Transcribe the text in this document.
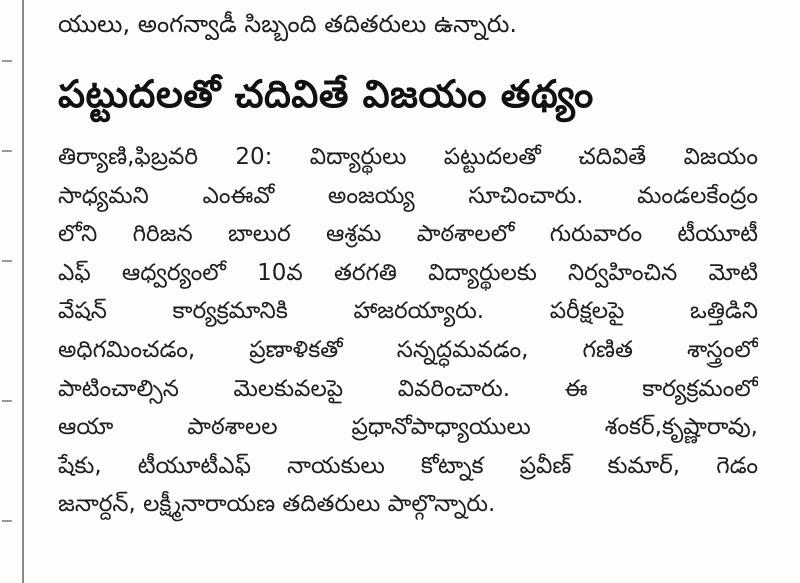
యులు, అంగన్వాడీ సిబ్బంది తదితరులు ఉన్నారు.
పట్టుదలతో చదివితే విజయం తథ్యం
తిర్యాణి,ఫిబ్రవరి 20: విద్యార్థులు పట్టుదలతో చదివితే విజయం
సాధ్యమని ఎంఈవో అంజయ్య సూచించారు. మండలకేంద్రం
లోని గిరిజన బాలుర ఆశ్రమ పాఠశాలలో గురువారం టీయూటీ
ఎఫ్ ఆధ్వర్యంలో 10వ తరగతి విద్యార్థులకు నిర్వహించిన మోటి
వేషన్ కార్యక్రమానికి హాజరయ్యారు. పరీక్షలపై ఒత్తిడిని
అధిగమించడం, ప్రణాళికతో సన్నద్ధమవడం, గణిత శాస్త్రంలో
పాటించాల్సిన మెలకువలపై వివరించారు. ఈ కార్యక్రమంలో
ఆయా పాఠశాలల ప్రధానోపాధ్యాయులు శంకర్,కృష్ణారావు,
షేకు, టీయూటీఎఫ్ నాయకులు కోట్నాక ప్రవీణ్ కుమార్, గెడం
జనార్దన్, లక్ష్మీనారాయణ తదితరులు పాల్గొన్నారు.
